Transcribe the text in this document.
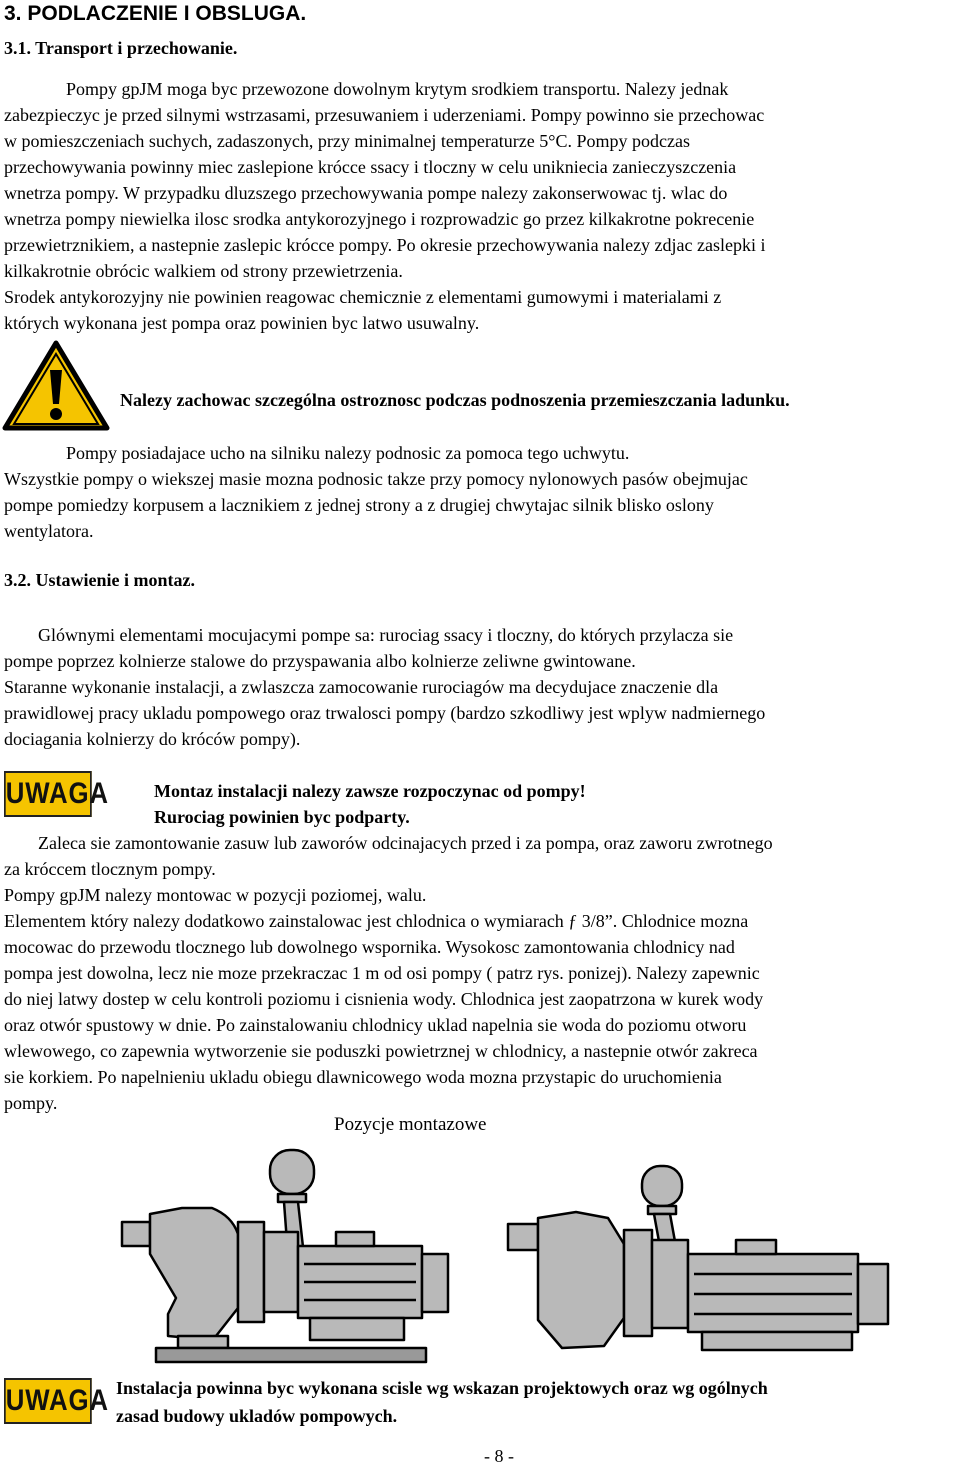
3. PODLACZENIE I OBSLUGA.
3.1. Transport i przechowanie.
Pompy gpJM moga byc przewozone dowolnym krytym srodkiem transportu. Nalezy jednak
zabezpieczyc je przed silnymi wstrzasami, przesuwaniem i uderzeniami. Pompy powinno sie przechowac
w pomieszczeniach suchych, zadaszonych, przy minimalnej temperaturze 5°C. Pompy podczas
przechowywania powinny miec zaslepione krócce ssacy i tloczny w celu unikniecia zanieczyszczenia
wnetrza pompy. W przypadku dluzszego przechowywania pompe nalezy zakonserwowac tj. wlac do
wnetrza pompy niewielka ilosc srodka antykorozyjnego i rozprowadzic go przez kilkakrotne pokrecenie
przewietrznikiem, a nastepnie zaslepic krócce pompy. Po okresie przechowywania nalezy zdjac zaslepki i
kilkakrotnie obrócic walkiem od strony przewietrzenia.
Srodek antykorozyjny nie powinien reagowac chemicznie z elementami gumowymi i materialami z
których wykonana jest pompa oraz powinien byc latwo usuwalny.
Nalezy zachowac szczególna ostroznosc podczas podnoszenia przemieszczania ladunku.
Pompy posiadajace ucho na silniku nalezy podnosic za pomoca tego uchwytu.
Wszystkie pompy o wiekszej masie mozna podnosic takze przy pomocy nylonowych pasów obejmujac
pompe pomiedzy korpusem a lacznikiem z jednej strony a z drugiej chwytajac silnik blisko oslony
wentylatora.
3.2. Ustawienie i montaz.
Glównymi elementami mocujacymi pompe sa: rurociag ssacy i tloczny, do których przylacza sie
pompe poprzez kolnierze stalowe do przyspawania albo kolnierze zeliwne gwintowane.
Staranne wykonanie instalacji, a zwlaszcza zamocowanie rurociagów ma decydujace znaczenie dla
prawidlowej pracy ukladu pompowego oraz trwalosci pompy (bardzo szkodliwy jest wplyw nadmiernego
dociagania kolnierzy do króców pompy).
UWAGA	Montaz instalacji nalezy zawsze rozpoczynac od pompy!
Rurociag powinien byc podparty.
Zaleca sie zamontowanie zasuw lub zaworów odcinajacych przed i za pompa, oraz zaworu zwrotnego
za króccem tlocznym pompy.
Pompy gpJM nalezy montowac w pozycji poziomej, walu.
Elementem który nalezy dodatkowo zainstalowac jest chlodnica o wymiarach ƒ 3/8”. Chlodnice mozna
mocowac do przewodu tlocznego lub dowolnego wspornika. Wysokosc zamontowania chlodnicy nad
pompa jest dowolna, lecz nie moze przekraczac 1 m od osi pompy ( patrz rys. ponizej). Nalezy zapewnic
do niej latwy dostep w celu kontroli poziomu i cisnienia wody. Chlodnica jest zaopatrzona w kurek wody
oraz otwór spustowy w dnie. Po zainstalowaniu chlodnicy uklad napelnia sie woda do poziomu otworu
wlewowego, co zapewnia wytworzenie sie poduszki powietrznej w chlodnicy, a nastepnie otwór zakreca
sie korkiem. Po napelnieniu ukladu obiegu dlawnicowego woda mozna przystapic do uruchomienia
pompy.
Pozycje montazowe
UWAGA Instalacja powinna byc wykonana scisle wg wskazan projektowych oraz wg ogólnych
zasad budowy ukladów pompowych.
- 8 -
